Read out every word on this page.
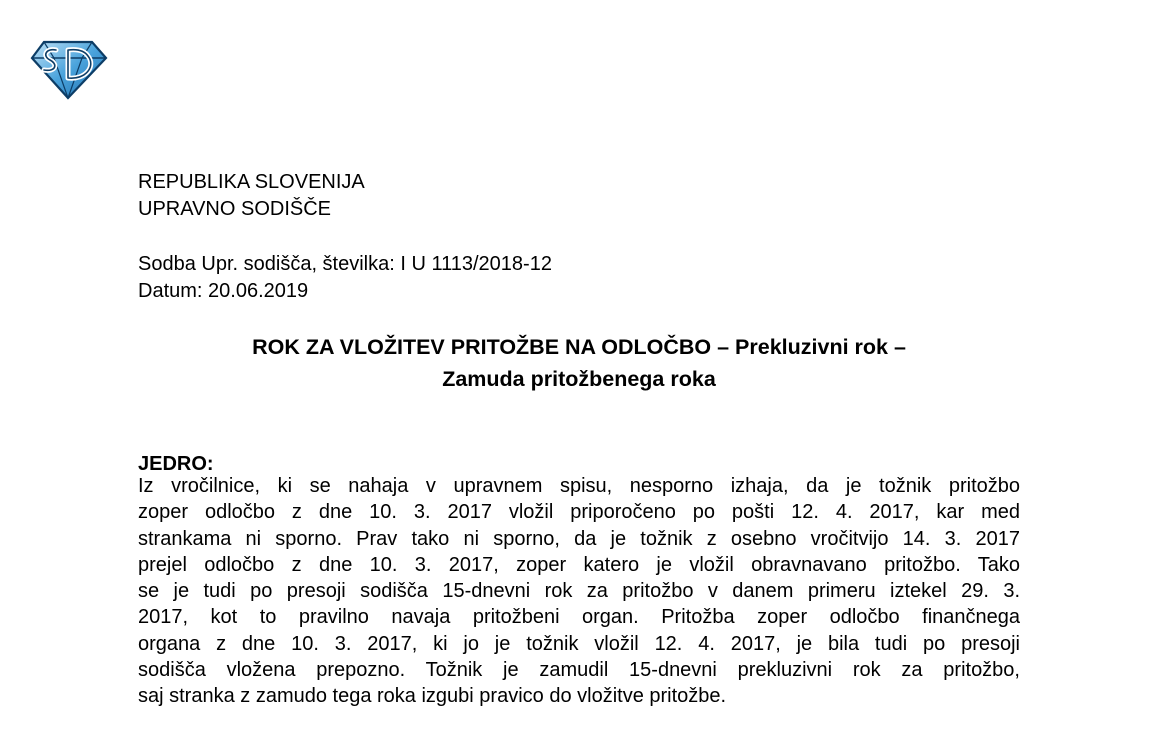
REPUBLIKA SLOVENIJA
UPRAVNO SODIŠČE
Sodba Upr. sodišča, številka: I U 1113/2018-12
Datum: 20.06.2019
ROK ZA VLOŽITEV PRITOŽBE NA ODLOČBO – Prekluzivni rok –
Zamuda pritožbenega roka
JEDRO:
Iz vročilnice, ki se nahaja v upravnem spisu, nesporno izhaja, da je tožnik pritožbo
zoper odločbo z dne 10. 3. 2017 vložil priporočeno po pošti 12. 4. 2017, kar med
strankama ni sporno. Prav tako ni sporno, da je tožnik z osebno vročitvijo 14. 3. 2017
prejel odločbo z dne 10. 3. 2017, zoper katero je vložil obravnavano pritožbo. Tako
se je tudi po presoji sodišča 15-dnevni rok za pritožbo v danem primeru iztekel 29. 3.
2017, kot to pravilno navaja pritožbeni organ. Pritožba zoper odločbo finančnega
organa z dne 10. 3. 2017, ki jo je tožnik vložil 12. 4. 2017, je bila tudi po presoji
sodišča vložena prepozno. Tožnik je zamudil 15-dnevni prekluzivni rok za pritožbo,
saj stranka z zamudo tega roka izgubi pravico do vložitve pritožbe.
